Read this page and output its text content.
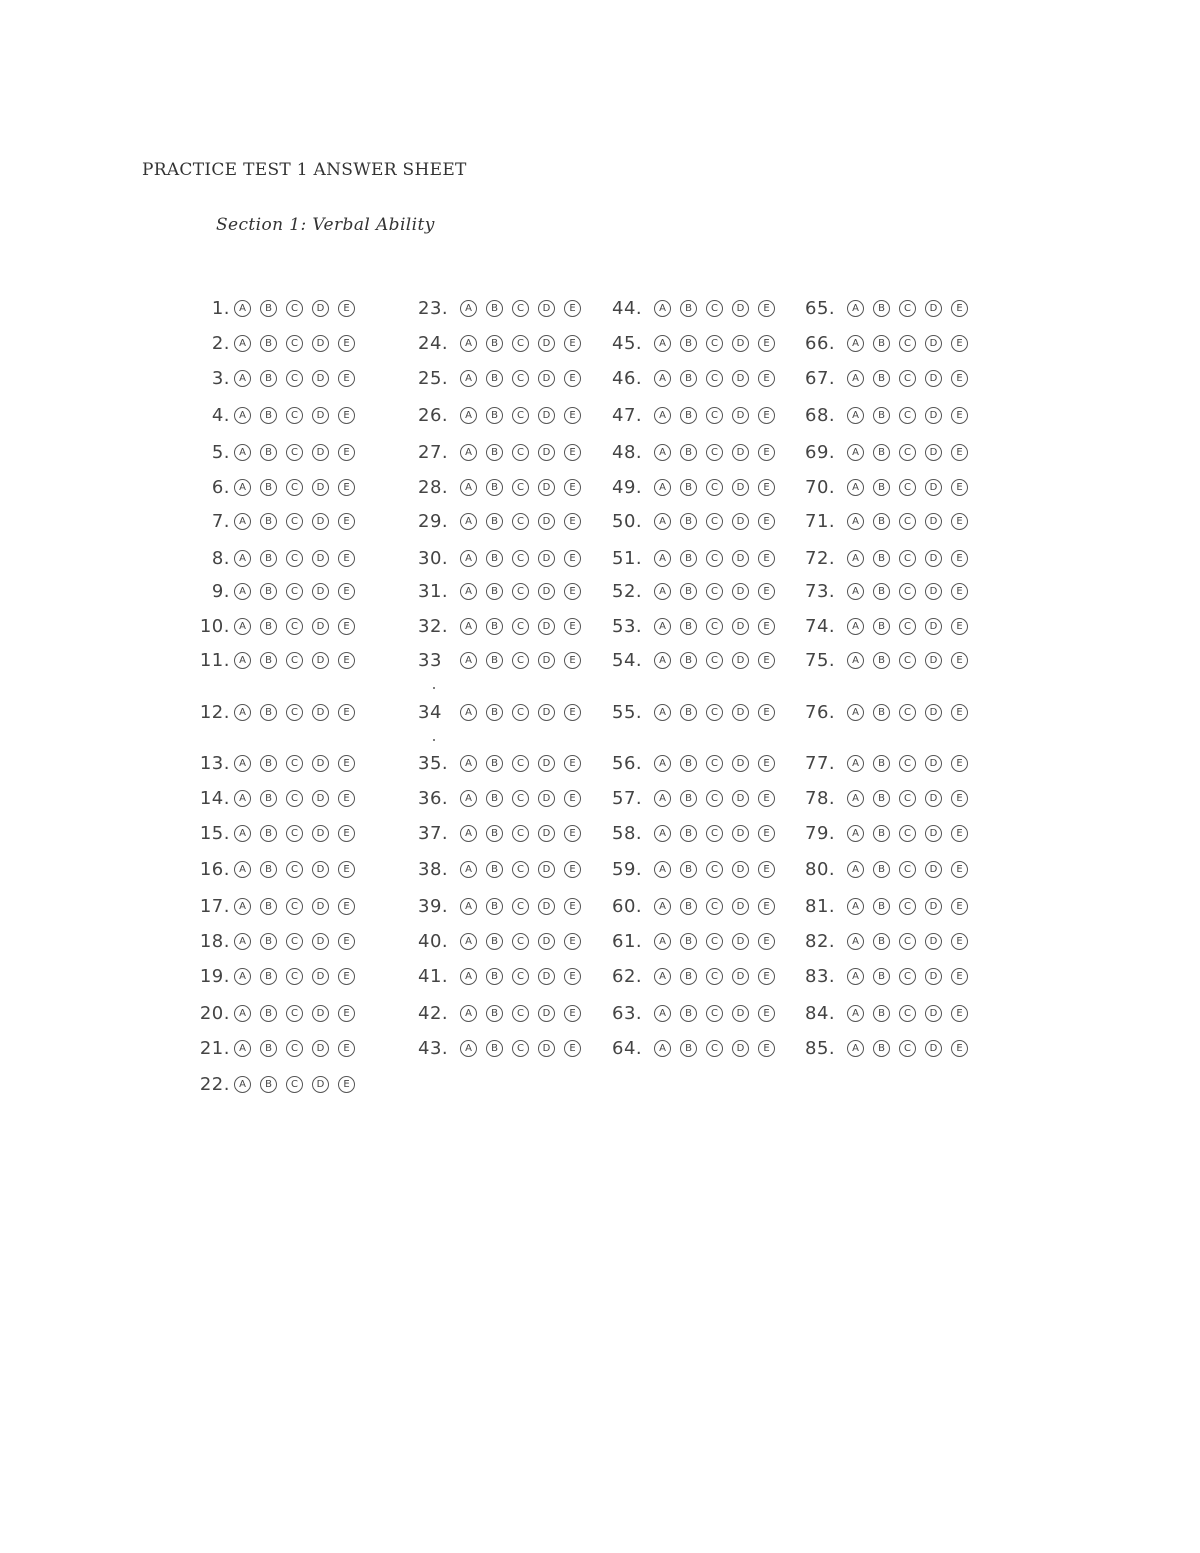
PRACTICE TEST 1 ANSWER SHEET
Section 1: Verbal Ability
1. A	B	C	D	E
2. A	B	C	D	E
3. A	B	C	D	E
4. A	B	C	D	E
5. A	B	C	D	E
6. A	B	C	D	E
7. A	B	C	D	E
8. A	B	C	D	E
9. A	B	C	D	E
10. A	B	C	D	E
11. A	B	C	D	E
12. A	B	C	D	E
13. A	B	C	D	E
14. A	B	C	D	E
15. A	B	C	D	E
16. A	B	C	D	E
17. A	B	C	D	E
18. A	B	C	D	E
19. A	B	C	D	E
20. A	B	C	D	E
21. A	B	C	D	E
22. A	B	C	D	E
23.	A	B	C	D	E
24.	A	B	C	D	E
25.	A	B	C	D	E
26.	A	B	C	D	E
27.	A	B	C	D	E
28.	A	B	C	D	E
29.	A	B	C	D	E
30.	A	B	C	D	E
31.	A	B	C	D	E
32.	A	B	C	D	E
33	A	B	C	D	E
34	A	B	C	D	E
35.	A	B	C	D	E
36.	A	B	C	D	E
37.	A	B	C	D	E
38.	A	B	C	D	E
39.	A	B	C	D	E
40.	A	B	C	D	E
41.	A	B	C	D	E
42.	A	B	C	D	E
43.	A	B	C	D	E
44.	A	B	C	D	E
45.	A	B	C	D	E
46.	A	B	C	D	E
47.	A	B	C	D	E
48.	A	B	C	D	E
49.	A	B	C	D	E
50.	A	B	C	D	E
51.	A	B	C	D	E
52.	A	B	C	D	E
53.	A	B	C	D	E
54.	A	B	C	D	E
55.	A	B	C	D	E
56.	A	B	C	D	E
57.	A	B	C	D	E
58.	A	B	C	D	E
59.	A	B	C	D	E
60.	A	B	C	D	E
61.	A	B	C	D	E
62.	A	B	C	D	E
63.	A	B	C	D	E
64.	A	B	C	D	E
65.	A	B	C	D	E
66.	A	B	C	D	E
67.	A	B	C	D	E
68.	A	B	C	D	E
69.	A	B	C	D	E
70.	A	B	C	D	E
71.	A	B	C	D	E
72.	A	B	C	D	E
73.	A	B	C	D	E
74.	A	B	C	D	E
75.	A	B	C	D	E
76.	A	B	C	D	E
77.	A	B	C	D	E
78.	A	B	C	D	E
79.	A	B	C	D	E
80.	A	B	C	D	E
81.	A	B	C	D	E
82.	A	B	C	D	E
83.	A	B	C	D	E
84.	A	B	C	D	E
85.	A	B	C	D	E
